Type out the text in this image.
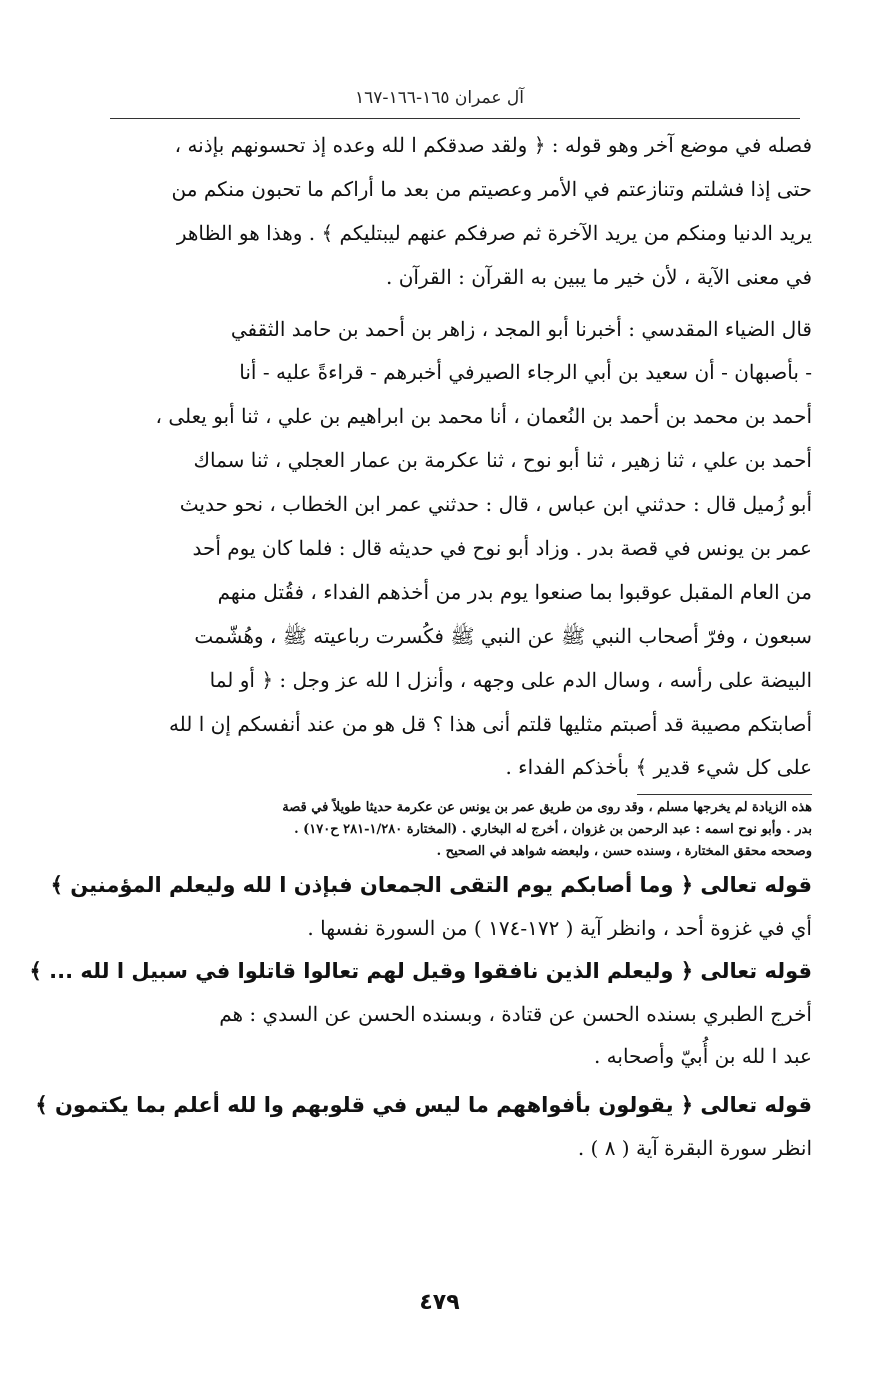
آل عمران ١٦٥-١٦٦-١٦٧
فصله في موضع آخر وهو قوله : ﴿ ولقد صدقكم ا لله وعده إذ تحسونهم بإذنه ،
حتى إذا فشلتم وتنازعتم في الأمر وعصيتم من بعد ما أراكم ما تحبون منكم من
يريد الدنيا ومنكم من يريد الآخرة ثم صرفكم عنهم ليبتليكم ﴾ . وهذا هو الظاهر
في معنى الآية ، لأن خير ما يبين به القرآن : القرآن .
قال الضياء المقدسي : أخبرنا أبو المجد ، زاهر بن أحمد بن حامد الثقفي
- بأصبهان - أن سعيد بن أبي الرجاء الصيرفي أخبرهم - قراءةً عليه - أنا
أحمد بن محمد بن أحمد بن النُعمان ، أنا محمد بن ابراهيم بن علي ، ثنا أبو يعلى ،
أحمد بن علي ، ثنا زهير ، ثنا أبو نوح ، ثنا عكرمة بن عمار العجلي ، ثنا سماك
أبو زُميل قال : حدثني ابن عباس ، قال : حدثني عمر ابن الخطاب ، نحو حديث
عمر بن يونس في قصة بدر . وزاد أبو نوح في حديثه قال : فلما كان يوم أحد
من العام المقبل عوقبوا بما صنعوا يوم بدر من أخذهم الفداء ، فقُتل منهم
سبعون ، وفرّ أصحاب النبي ﷺ عن النبي ﷺ فكُسرت رباعيته ﷺ ، وهُشّمت
البيضة على رأسه ، وسال الدم على وجهه ، وأنزل ا لله عز وجل : ﴿ أو لما
أصابتكم مصيبة قد أصبتم مثليها قلتم أنى هذا ؟ قل هو من عند أنفسكم إن ا لله
على كل شيء قدير ﴾ بأخذكم الفداء .
هذه الزيادة لم يخرجها مسلم ، وقد روى من طريق عمر بن يونس عن عكرمة حديثا طويلاً في قصة
بدر . وأبو نوح اسمه : عبد الرحمن بن غزوان ، أخرج له البخاري . (المختارة ١/٢٨٠-٢٨١ ح١٧٠) .
وصححه محقق المختارة ، وسنده حسن ، ولبعضه شواهد في الصحيح .
قوله تعالى ﴿ وما أصابكم يوم التقى الجمعان فبإذن ا لله وليعلم المؤمنين ﴾
أي في غزوة أحد ، وانظر آية ( ١٧٢-١٧٤ ) من السورة نفسها .
قوله تعالى ﴿ وليعلم الذين نافقوا وقيل لهم تعالوا قاتلوا في سبيل ا لله ... ﴾
أخرج الطبري بسنده الحسن عن قتادة ، وبسنده الحسن عن السدي : هم
عبد ا لله بن أُبيّ وأصحابه .
قوله تعالى ﴿ يقولون بأفواههم ما ليس في قلوبهم وا لله أعلم بما يكتمون ﴾
انظر سورة البقرة آية ( ٨ ) .
٤٧٩
